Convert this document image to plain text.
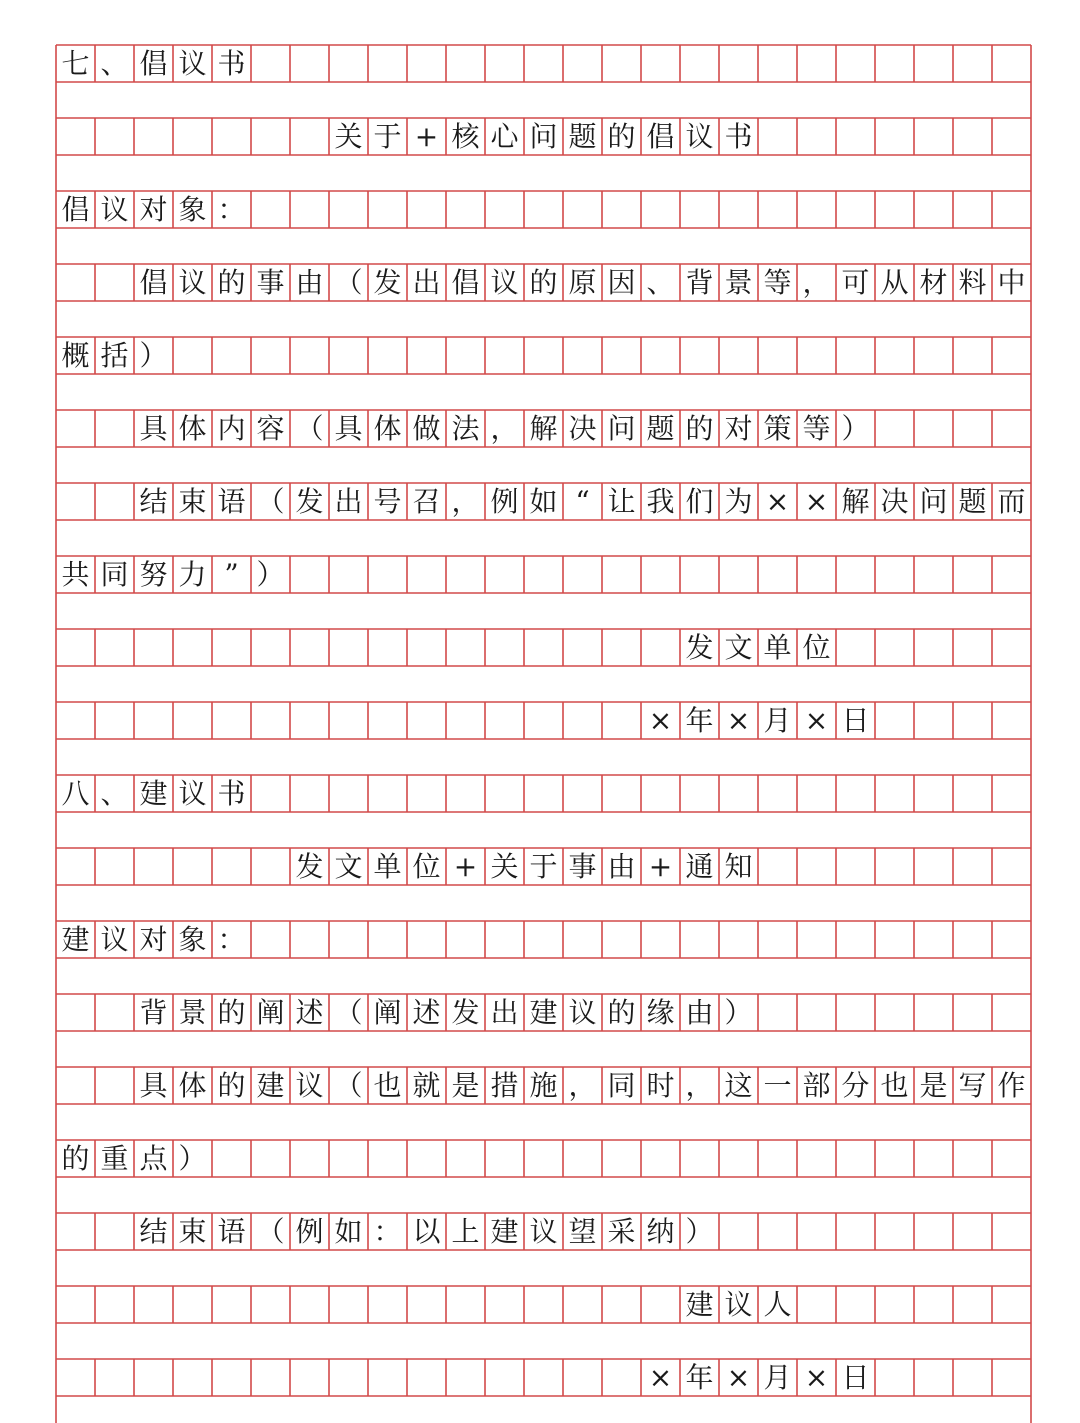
七 、 倡 议 书
关 于 + 核 心 问 题 的 倡 议 书
倡 议 对 象 ：
倡 议 的 事 由 （ 发 出 倡 议 的 原 因 、 背 景 等 ， 可 从 材 料 中
概 括 ）
具 体 内 容 （ 具 体 做 法 ， 解 决 问 题 的 对 策 等 ）
结 束 语 （ 发 出 号 召 ， 例 如 “ 让 我 们 为 × × 解 决 问 题 而
共 同 努 力 ” ）
发 文 单 位
× 年 × 月 × 日
八 、 建 议 书
发 文 单 位 + 关 于 事 由 + 通 知
建 议 对 象 ：
背 景 的 阐 述 （ 阐 述 发 出 建 议 的 缘 由 ）
具 体 的 建 议 （ 也 就 是 措 施 ， 同 时 ， 这 一 部 分 也 是 写 作
的 重 点 ）
结 束 语 （ 例 如 ： 以 上 建 议 望 采 纳 ）
建 议 人
× 年 × 月 × 日
